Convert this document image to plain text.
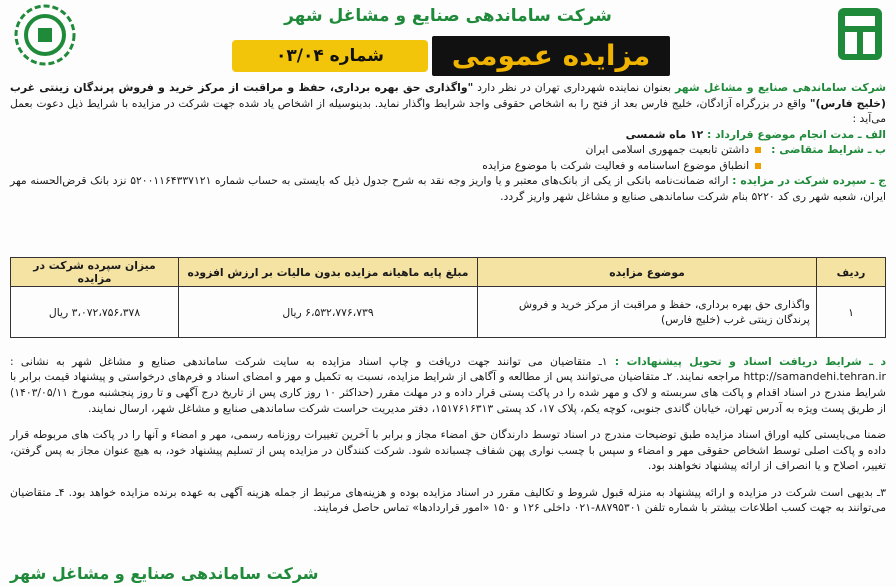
شرکت ساماندهی صنایع و مشاغل شهر
مزایده عمومی
شماره ۰۳/۰۴

شرکت ساماندهی صنایع و مشاغل شهر بعنوان نماینده شهرداری تهران در نظر دارد "واگذاری حق بهره برداری، حفظ و مراقبت از مرکز خرید و فروش پرندگان زینتی غرب (خلیج فارس)" واقع در بزرگراه آزادگان، خلیج فارس بعد از فتح را به اشخاص حقوقی واجد شرایط واگذار نماید. بدینوسیله از اشخاص یاد شده جهت شرکت در مزایده با شرایط ذیل دعوت بعمل می‌آید :

الف ـ مدت انجام موضوع قرارداد : ۱۲ ماه شمسی

ب ـ شرایط متقاضی :
داشتن تابعیت جمهوری اسلامی ایران
انطباق موضوع اساسنامه و فعالیت شرکت با موضوع مزایده

ج ـ سپرده شرکت در مزایده : ارائه ضمانت‌نامه بانکی از یکی از بانک‌های معتبر و یا واریز وجه نقد به شرح جدول ذیل که بایستی به حساب شماره ۵۲۰۰۱۱۶۴۳۳۷۱۲۱ نزد بانک قرض‌الحسنه مهر ایران، شعبه شهر ری کد ۵۲۲۰ بنام شرکت ساماندهی صنایع و مشاغل شهر واریز گردد.

ردیف	موضوع مزایده	مبلغ پایه ماهیانه مزایده بدون مالیات بر ارزش افزوده	میزان سپرده شرکت در مزایده
۱	واگذاری حق بهره برداری، حفظ و مراقبت از مرکز خرید و فروش پرندگان زینتی غرب (خلیج فارس)	۶،۵۳۲،۷۷۶،۷۳۹ ریال	۳،۰۷۲،۷۵۶،۳۷۸ ریال

د ـ شرایط دریافت اسناد و تحویل پیشنهادات : ۱ـ متقاضیان می توانند جهت دریافت و چاپ اسناد مزایده به سایت شرکت ساماندهی صنایع و مشاغل شهر به نشانی : http://samandehi.tehran.ir مراجعه نمایند. ۲ـ متقاضیان می‌توانند پس از مطالعه و آگاهی از شرایط مزایده، نسبت به تکمیل و مهر و امضای اسناد و فرم‌های درخواستی و پیشنهاد قیمت برابر با شرایط مندرج در اسناد اقدام و پاکت های سربسته و لاک و مهر شده را در پاکت پستی قرار داده و در مهلت مقرر (حداکثر ۱۰ روز کاری پس از تاریخ درج آگهی و تا روز پنجشنبه مورخ ۱۴۰۳/۰۵/۱۱) از طریق پست ویژه به آدرس تهران، خیابان گاندی جنوبی، کوچه یکم، پلاک ۱۷، کد پستی ۱۵۱۷۶۱۶۳۱۳، دفتر مدیریت حراست شرکت ساماندهی صنایع و مشاغل شهر، ارسال نمایند.

ضمنا می‌بایستی کلیه اوراق اسناد مزایده طبق توضیحات مندرج در اسناد توسط دارندگان حق امضاء مجاز و برابر با آخرین تغییرات روزنامه رسمی، مهر و امضاء و آنها را در پاکت های مربوطه قرار داده و پاکت اصلی توسط اشخاص حقوقی مهر و امضاء و سپس با چسب نواری پهن شفاف چسبانده شود. شرکت کنندگان در مزایده پس از تسلیم پیشنهاد خود، به هیچ عنوان مجاز به پس گرفتن، تغییر، اصلاح و یا انصراف از ارائه پیشنهاد نخواهند بود.

۳ـ بدیهی است شرکت در مزایده و ارائه پیشنهاد به منزله قبول شروط و تکالیف مقرر در اسناد مزایده بوده و هزینه‌های مرتبط از جمله هزینه آگهی به عهده برنده مزایده خواهد بود. ۴ـ متقاضیان می‌توانند به جهت کسب اطلاعات بیشتر با شماره تلفن ۸۸۷۹۵۳۰۱-۰۲۱ داخلی ۱۲۶ و ۱۵۰ «امور قراردادها» تماس حاصل فرمایند.

شرکت ساماندهی صنایع و مشاغل شهر
